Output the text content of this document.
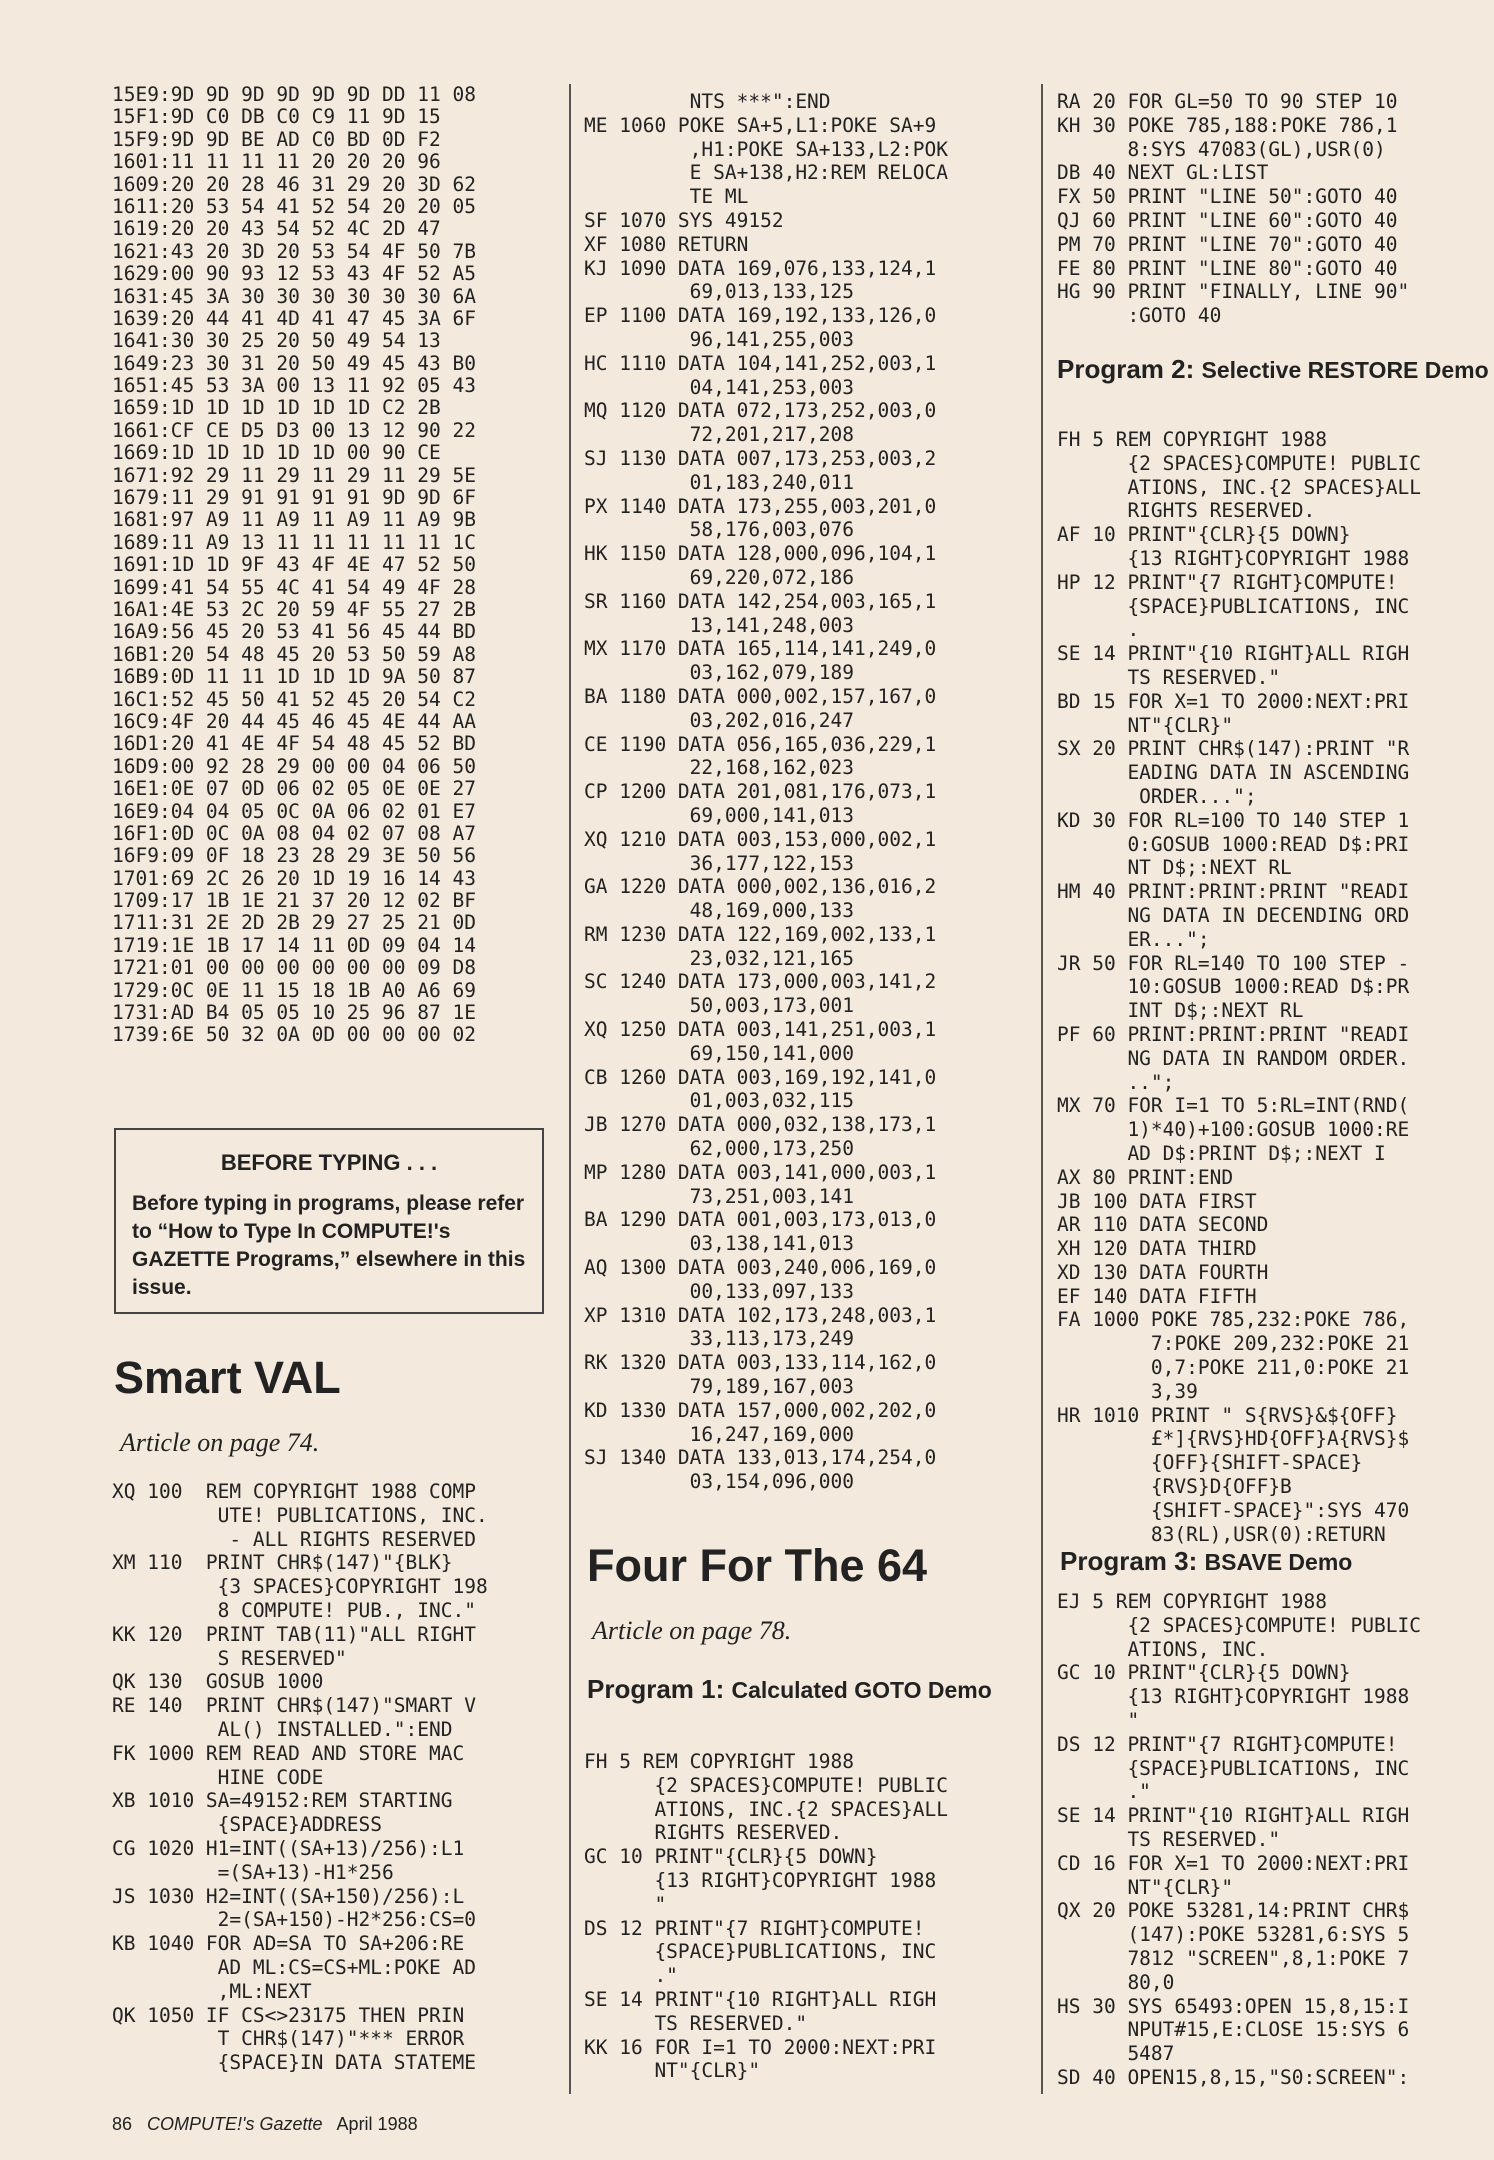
15E9:9D 9D 9D 9D 9D 9D DD 11 08
15F1:9D C0 DB C0 C9 11 9D 15
15F9:9D 9D BE AD C0 BD 0D F2
1601:11 11 11 11 20 20 20 96
1609:20 20 28 46 31 29 20 3D 62
1611:20 53 54 41 52 54 20 20 05
1619:20 20 43 54 52 4C 2D 47
1621:43 20 3D 20 53 54 4F 50 7B
1629:00 90 93 12 53 43 4F 52 A5
1631:45 3A 30 30 30 30 30 30 6A
1639:20 44 41 4D 41 47 45 3A 6F
1641:30 30 25 20 50 49 54 13
1649:23 30 31 20 50 49 45 43 B0
1651:45 53 3A 00 13 11 92 05 43
1659:1D 1D 1D 1D 1D 1D C2 2B
1661:CF CE D5 D3 00 13 12 90 22
1669:1D 1D 1D 1D 1D 00 90 CE
1671:92 29 11 29 11 29 11 29 5E
1679:11 29 91 91 91 91 9D 9D 6F
1681:97 A9 11 A9 11 A9 11 A9 9B
1689:11 A9 13 11 11 11 11 11 1C
1691:1D 1D 9F 43 4F 4E 47 52 50
1699:41 54 55 4C 41 54 49 4F 28
16A1:4E 53 2C 20 59 4F 55 27 2B
16A9:56 45 20 53 41 56 45 44 BD
16B1:20 54 48 45 20 53 50 59 A8
16B9:0D 11 11 1D 1D 1D 9A 50 87
16C1:52 45 50 41 52 45 20 54 C2
16C9:4F 20 44 45 46 45 4E 44 AA
16D1:20 41 4E 4F 54 48 45 52 BD
16D9:00 92 28 29 00 00 04 06 50
16E1:0E 07 0D 06 02 05 0E 0E 27
16E9:04 04 05 0C 0A 06 02 01 E7
16F1:0D 0C 0A 08 04 02 07 08 A7
16F9:09 0F 18 23 28 29 3E 50 56
1701:69 2C 26 20 1D 19 16 14 43
1709:17 1B 1E 21 37 20 12 02 BF
1711:31 2E 2D 2B 29 27 25 21 0D
1719:1E 1B 17 14 11 0D 09 04 14
1721:01 00 00 00 00 00 00 09 D8
1729:0C 0E 11 15 18 1B A0 A6 69
1731:AD B4 05 05 10 25 96 87 1E
1739:6E 50 32 0A 0D 00 00 00 02
BEFORE TYPING . . .
Before typing in programs, please refer to “How to Type In COMPUTE!'s GAZETTE Programs,” elsewhere in this issue.
Smart VAL
Article on page 74.
XQ 100  REM COPYRIGHT 1988 COMP
UTE! PUBLICATIONS, INC.
- ALL RIGHTS RESERVED
XM 110  PRINT CHR$(147)"{BLK}
{3 SPACES}COPYRIGHT 198
8 COMPUTE! PUB., INC."
KK 120  PRINT TAB(11)"ALL RIGHT
S RESERVED"
QK 130  GOSUB 1000
RE 140  PRINT CHR$(147)"SMART V
AL() INSTALLED.":END
FK 1000 REM READ AND STORE MAC
HINE CODE
XB 1010 SA=49152:REM STARTING
{SPACE}ADDRESS
CG 1020 H1=INT((SA+13)/256):L1
=(SA+13)-H1*256
JS 1030 H2=INT((SA+150)/256):L
2=(SA+150)-H2*256:CS=0
KB 1040 FOR AD=SA TO SA+206:RE
AD ML:CS=CS+ML:POKE AD
,ML:NEXT
QK 1050 IF CS<>23175 THEN PRIN
T CHR$(147)"*** ERROR
{SPACE}IN DATA STATEME
NTS ***":END
ME 1060 POKE SA+5,L1:POKE SA+9
,H1:POKE SA+133,L2:POK
E SA+138,H2:REM RELOCA
TE ML
SF 1070 SYS 49152
XF 1080 RETURN
KJ 1090 DATA 169,076,133,124,1
69,013,133,125
EP 1100 DATA 169,192,133,126,0
96,141,255,003
HC 1110 DATA 104,141,252,003,1
04,141,253,003
MQ 1120 DATA 072,173,252,003,0
72,201,217,208
SJ 1130 DATA 007,173,253,003,2
01,183,240,011
PX 1140 DATA 173,255,003,201,0
58,176,003,076
HK 1150 DATA 128,000,096,104,1
69,220,072,186
SR 1160 DATA 142,254,003,165,1
13,141,248,003
MX 1170 DATA 165,114,141,249,0
03,162,079,189
BA 1180 DATA 000,002,157,167,0
03,202,016,247
CE 1190 DATA 056,165,036,229,1
22,168,162,023
CP 1200 DATA 201,081,176,073,1
69,000,141,013
XQ 1210 DATA 003,153,000,002,1
36,177,122,153
GA 1220 DATA 000,002,136,016,2
48,169,000,133
RM 1230 DATA 122,169,002,133,1
23,032,121,165
SC 1240 DATA 173,000,003,141,2
50,003,173,001
XQ 1250 DATA 003,141,251,003,1
69,150,141,000
CB 1260 DATA 003,169,192,141,0
01,003,032,115
JB 1270 DATA 000,032,138,173,1
62,000,173,250
MP 1280 DATA 003,141,000,003,1
73,251,003,141
BA 1290 DATA 001,003,173,013,0
03,138,141,013
AQ 1300 DATA 003,240,006,169,0
00,133,097,133
XP 1310 DATA 102,173,248,003,1
33,113,173,249
RK 1320 DATA 003,133,114,162,0
79,189,167,003
KD 1330 DATA 157,000,002,202,0
16,247,169,000
SJ 1340 DATA 133,013,174,254,0
03,154,096,000
Four For The 64
Article on page 78.
Program 1: Calculated GOTO Demo
FH 5 REM COPYRIGHT 1988
{2 SPACES}COMPUTE! PUBLIC
ATIONS, INC.{2 SPACES}ALL
RIGHTS RESERVED.
GC 10 PRINT"{CLR}{5 DOWN}
{13 RIGHT}COPYRIGHT 1988
"
DS 12 PRINT"{7 RIGHT}COMPUTE!
{SPACE}PUBLICATIONS, INC
."
SE 14 PRINT"{10 RIGHT}ALL RIGH
TS RESERVED."
KK 16 FOR I=1 TO 2000:NEXT:PRI
NT"{CLR}"
RA 20 FOR GL=50 TO 90 STEP 10
KH 30 POKE 785,188:POKE 786,1
8:SYS 47083(GL),USR(0)
DB 40 NEXT GL:LIST
FX 50 PRINT "LINE 50":GOTO 40
QJ 60 PRINT "LINE 60":GOTO 40
PM 70 PRINT "LINE 70":GOTO 40
FE 80 PRINT "LINE 80":GOTO 40
HG 90 PRINT "FINALLY, LINE 90"
:GOTO 40
Program 2: Selective RESTORE Demo
FH 5 REM COPYRIGHT 1988
{2 SPACES}COMPUTE! PUBLIC
ATIONS, INC.{2 SPACES}ALL
RIGHTS RESERVED.
AF 10 PRINT"{CLR}{5 DOWN}
{13 RIGHT}COPYRIGHT 1988
HP 12 PRINT"{7 RIGHT}COMPUTE!
{SPACE}PUBLICATIONS, INC
.
SE 14 PRINT"{10 RIGHT}ALL RIGH
TS RESERVED."
BD 15 FOR X=1 TO 2000:NEXT:PRI
NT"{CLR}"
SX 20 PRINT CHR$(147):PRINT "R
EADING DATA IN ASCENDING
ORDER...";
KD 30 FOR RL=100 TO 140 STEP 1
0:GOSUB 1000:READ D$:PRI
NT D$;:NEXT RL
HM 40 PRINT:PRINT:PRINT "READI
NG DATA IN DECENDING ORD
ER...";
JR 50 FOR RL=140 TO 100 STEP -
10:GOSUB 1000:READ D$:PR
INT D$;:NEXT RL
PF 60 PRINT:PRINT:PRINT "READI
NG DATA IN RANDOM ORDER.
..";
MX 70 FOR I=1 TO 5:RL=INT(RND(
1)*40)+100:GOSUB 1000:RE
AD D$:PRINT D$;:NEXT I
AX 80 PRINT:END
JB 100 DATA FIRST
AR 110 DATA SECOND
XH 120 DATA THIRD
XD 130 DATA FOURTH
EF 140 DATA FIFTH
FA 1000 POKE 785,232:POKE 786,
7:POKE 209,232:POKE 21
0,7:POKE 211,0:POKE 21
3,39
HR 1010 PRINT " S{RVS}&${OFF}
£*]{RVS}HD{OFF}A{RVS}$
{OFF}{SHIFT-SPACE}
{RVS}D{OFF}B
{SHIFT-SPACE}":SYS 470
83(RL),USR(0):RETURN
Program 3: BSAVE Demo
EJ 5 REM COPYRIGHT 1988
{2 SPACES}COMPUTE! PUBLIC
ATIONS, INC.
GC 10 PRINT"{CLR}{5 DOWN}
{13 RIGHT}COPYRIGHT 1988
"
DS 12 PRINT"{7 RIGHT}COMPUTE!
{SPACE}PUBLICATIONS, INC
."
SE 14 PRINT"{10 RIGHT}ALL RIGH
TS RESERVED."
CD 16 FOR X=1 TO 2000:NEXT:PRI
NT"{CLR}"
QX 20 POKE 53281,14:PRINT CHR$
(147):POKE 53281,6:SYS 5
7812 "SCREEN",8,1:POKE 7
80,0
HS 30 SYS 65493:OPEN 15,8,15:I
NPUT#15,E:CLOSE 15:SYS 6
5487
SD 40 OPEN15,8,15,"S0:SCREEN":
86 COMPUTE!'s Gazette April 1988
